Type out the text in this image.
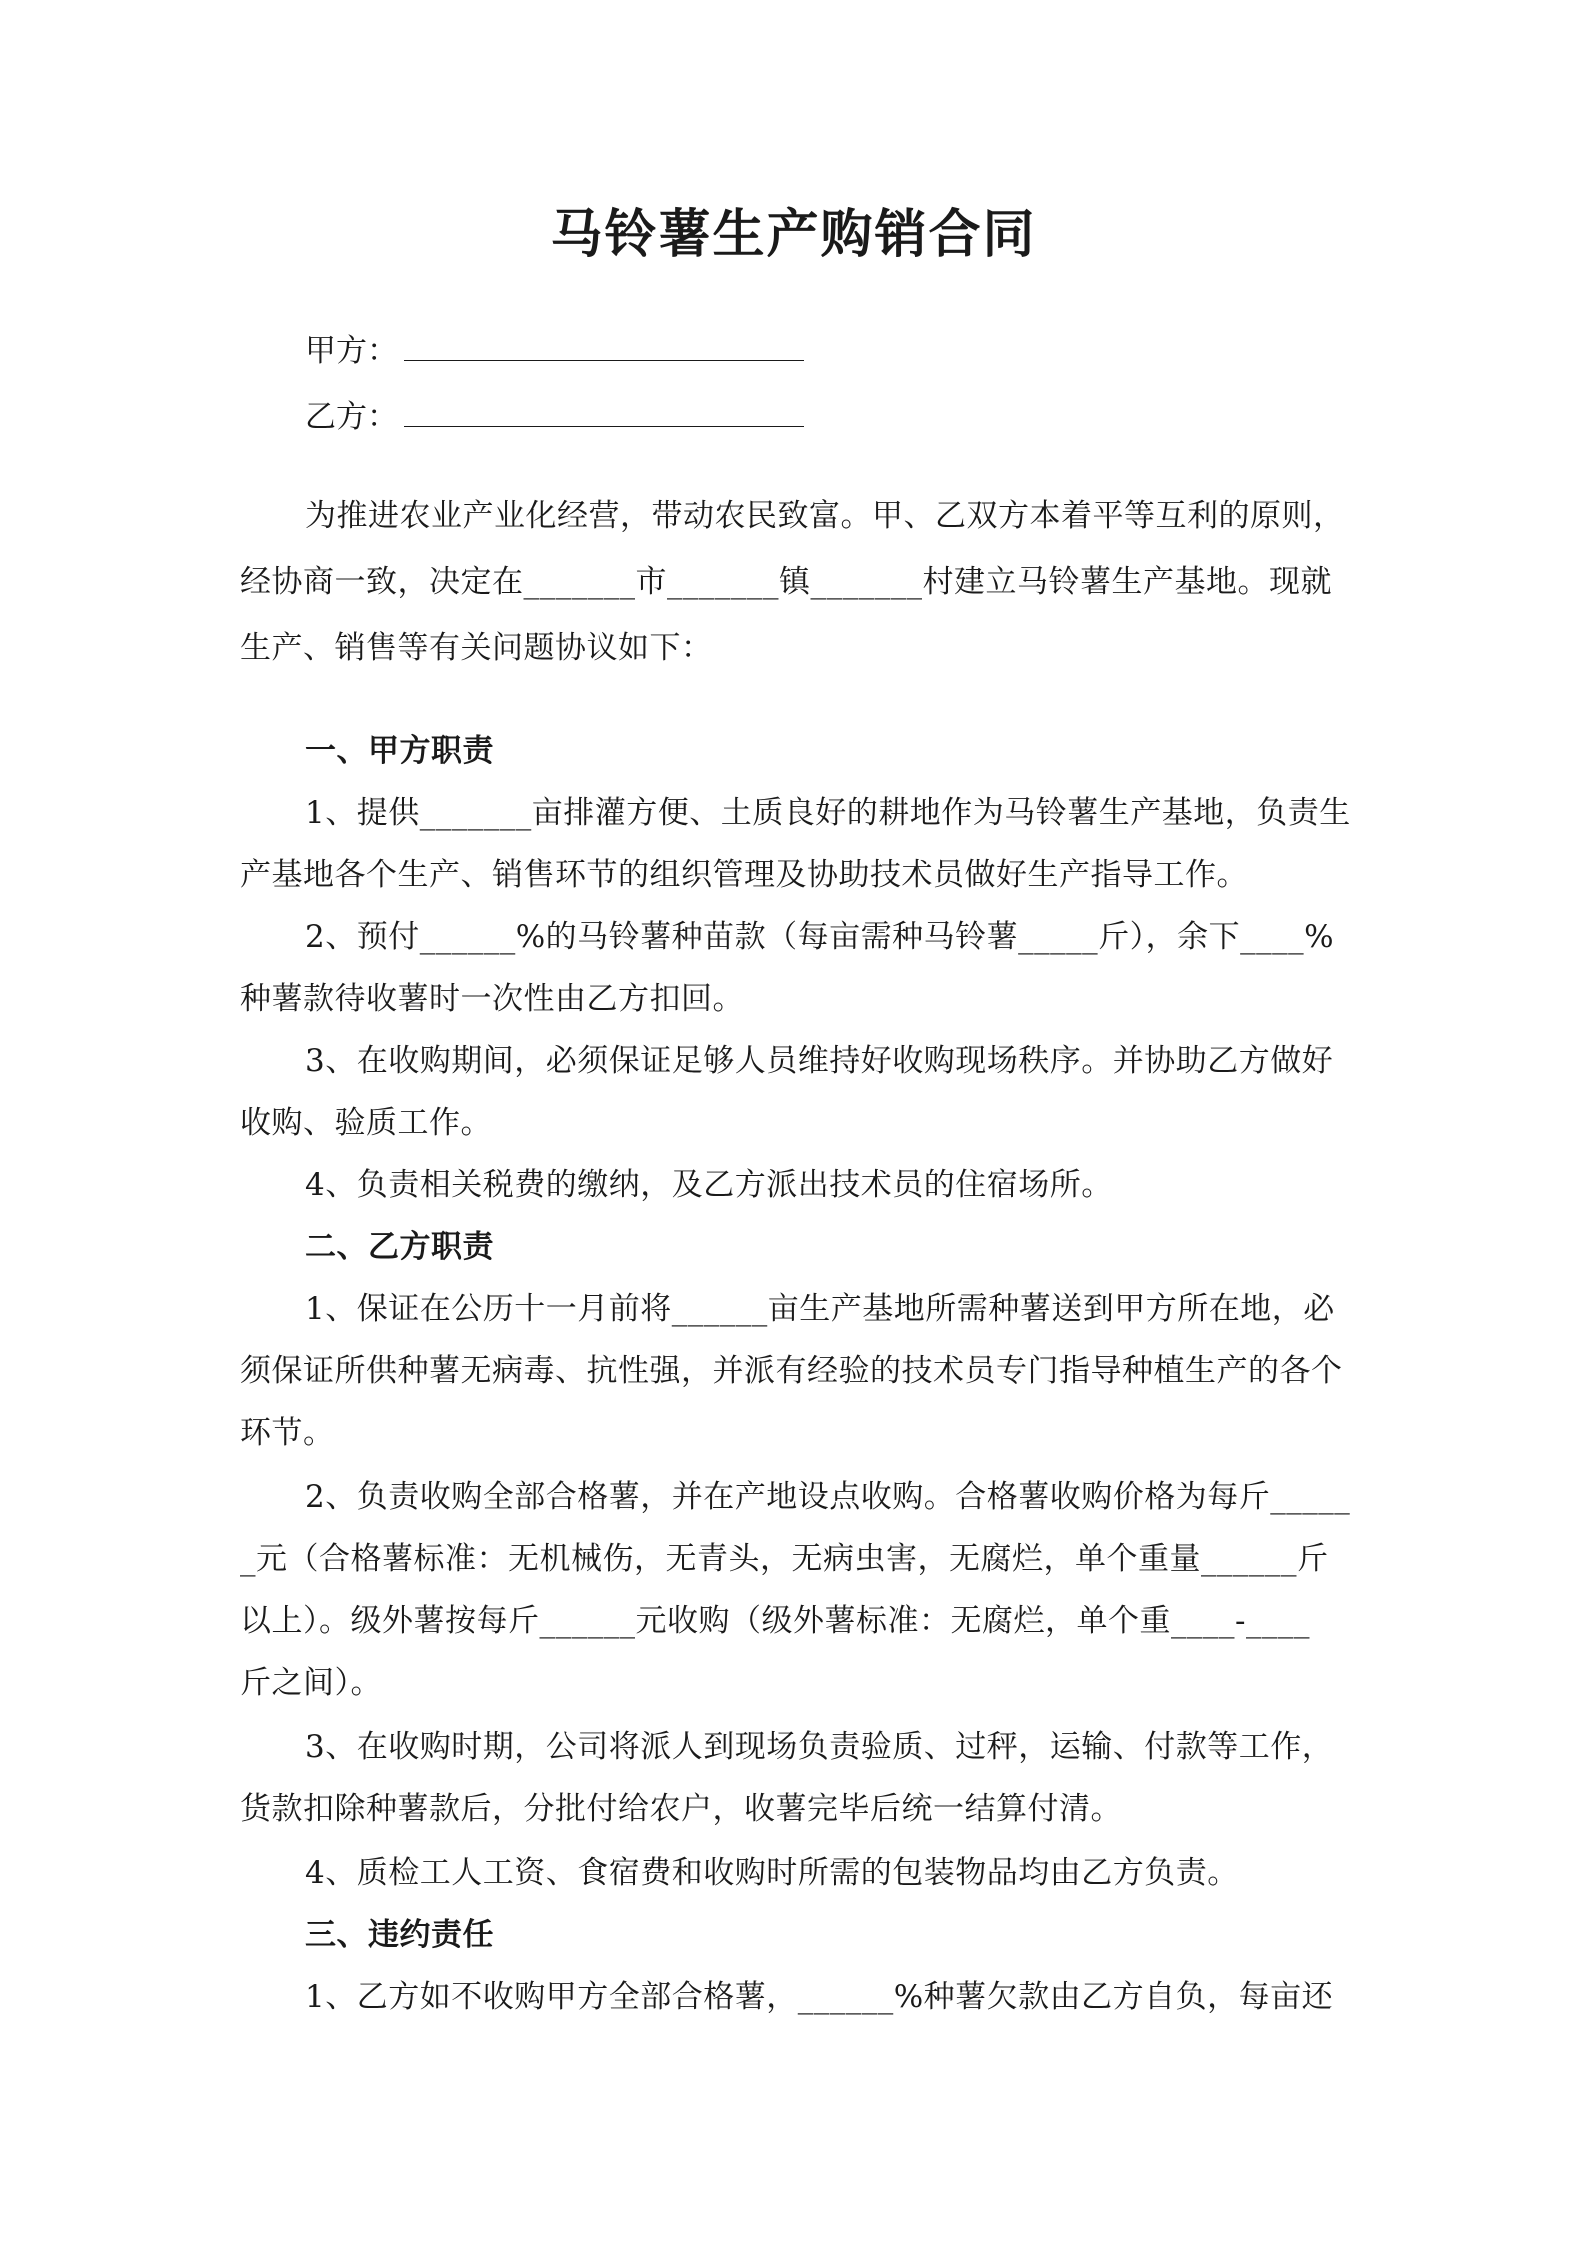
马铃薯生产购销合同
甲方：
乙方：
为推进农业产业化经营，带动农民致富。甲、乙双方本着平等互利的原则，
经协商一致，决定在_______市_______镇_______村建立马铃薯生产基地。现就
生产、销售等有关问题协议如下：
一、甲方职责
1、提供_______亩排灌方便、土质良好的耕地作为马铃薯生产基地，负责生
产基地各个生产、销售环节的组织管理及协助技术员做好生产指导工作。
2、预付______%的马铃薯种苗款（每亩需种马铃薯_____斤），余下____%
种薯款待收薯时一次性由乙方扣回。
3、在收购期间，必须保证足够人员维持好收购现场秩序。并协助乙方做好
收购、验质工作。
4、负责相关税费的缴纳，及乙方派出技术员的住宿场所。
二、乙方职责
1、保证在公历十一月前将______亩生产基地所需种薯送到甲方所在地，必
须保证所供种薯无病毒、抗性强，并派有经验的技术员专门指导种植生产的各个
环节。
2、负责收购全部合格薯，并在产地设点收购。合格薯收购价格为每斤_____
_元（合格薯标准：无机械伤，无青头，无病虫害，无腐烂，单个重量______斤
以上）。级外薯按每斤______元收购（级外薯标准：无腐烂，单个重____-____
斤之间）。
3、在收购时期，公司将派人到现场负责验质、过秤，运输、付款等工作，
货款扣除种薯款后，分批付给农户，收薯完毕后统一结算付清。
4、质检工人工资、食宿费和收购时所需的包装物品均由乙方负责。
三、违约责任
1、乙方如不收购甲方全部合格薯，______%种薯欠款由乙方自负，每亩还
